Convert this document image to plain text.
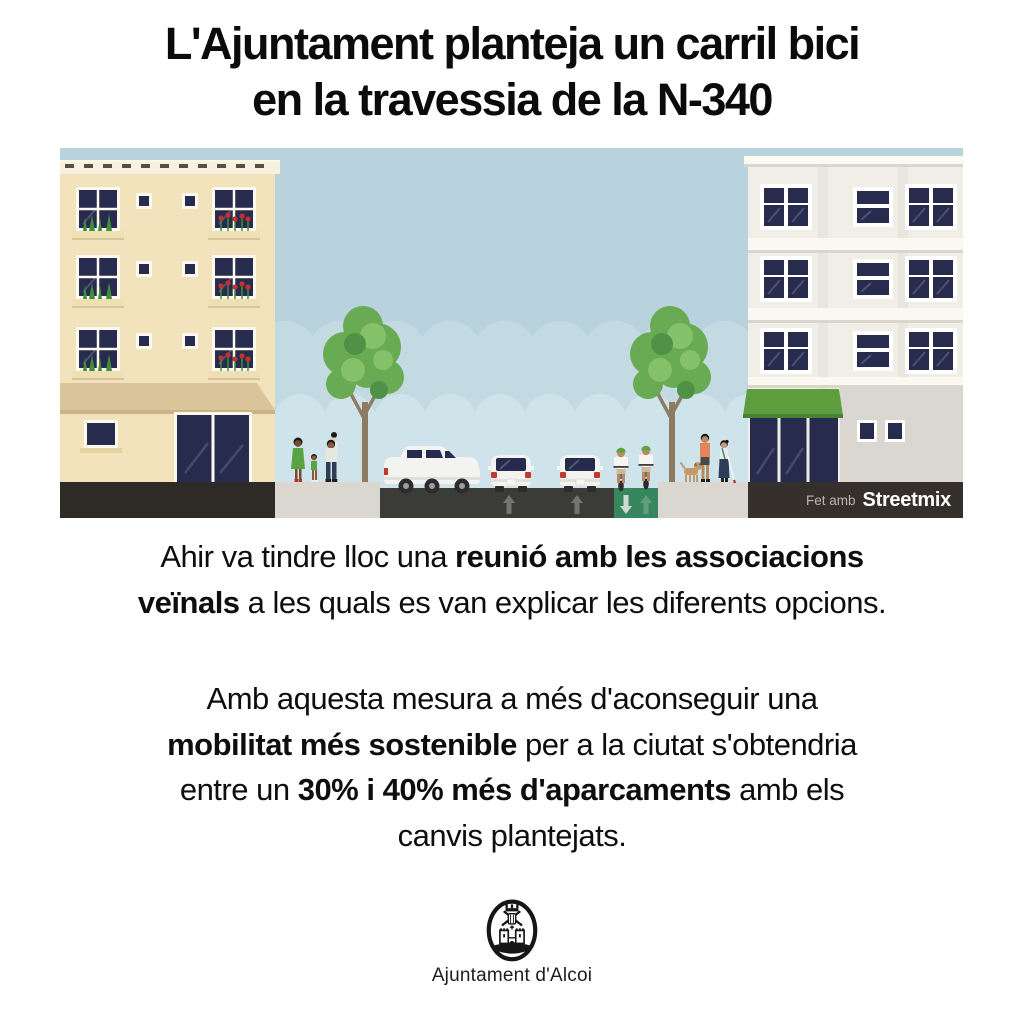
L'Ajuntament planteja un carril bici
en la travessia de la N-340
Fet amb Streetmix
Ahir va tindre lloc una reunió amb les associacions
veïnals a les quals es van explicar les diferents opcions.
Amb aquesta mesura a més d'aconseguir una
mobilitat més sostenible per a la ciutat s'obtendria
entre un 30% i 40% més d'aparcaments amb els
canvis plantejats.
Ajuntament d'Alcoi
